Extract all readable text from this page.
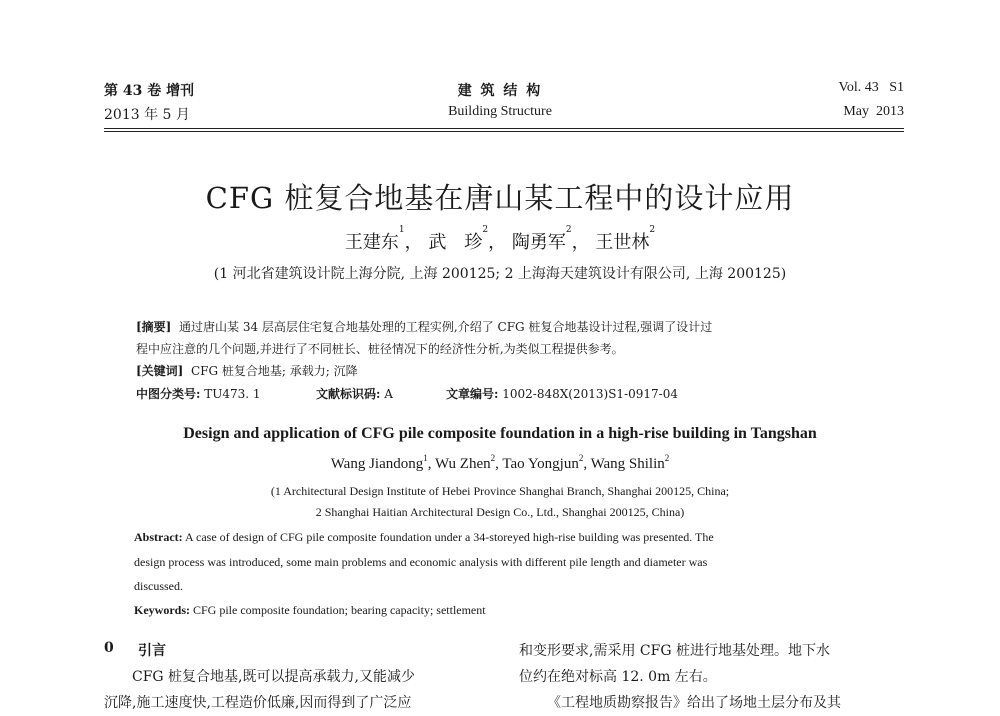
第 43 卷 增刊
2013 年 5 月
建 筑 结 构
Building Structure
Vol. 43   S1
May  2013
CFG 桩复合地基在唐山某工程中的设计应用
王建东$^1$， 武　珍$^2$， 陶勇军$^2$， 王世林$^2$
(1 河北省建筑设计院上海分院, 上海 200125; 2 上海海天建筑设计有限公司, 上海 200125)
[摘要] 通过唐山某 34 层高层住宅复合地基处理的工程实例,介绍了 CFG 桩复合地基设计过程,强调了设计过
程中应注意的几个问题,并进行了不同桩长、桩径情况下的经济性分析,为类似工程提供参考。
[关键词] CFG 桩复合地基; 承载力; 沉降
中图分类号: TU473. 1	文献标识码: A	文章编号: 1002-848X(2013)S1-0917-04
Design and application of CFG pile composite foundation in a high-rise building in Tangshan
Wang Jiandong$^1$, Wu Zhen$^2$, Tao Yongjun$^2$, Wang Shilin$^2$
(1 Architectural Design Institute of Hebei Province Shanghai Branch, Shanghai 200125, China;
2 Shanghai Haitian Architectural Design Co., Ltd., Shanghai 200125, China)
Abstract: A case of design of CFG pile composite foundation under a 34-storeyed high-rise building was presented. The
design process was introduced, some main problems and economic analysis with different pile length and diameter was
discussed.
Keywords: CFG pile composite foundation; bearing capacity; settlement
0 引言
CFG 桩复合地基,既可以提高承载力,又能减少
沉降,施工速度快,工程造价低廉,因而得到了广泛应
和变形要求,需采用 CFG 桩进行地基处理。地下水
位约在绝对标高 12. 0m 左右。
《工程地质勘察报告》给出了场地土层分布及其
